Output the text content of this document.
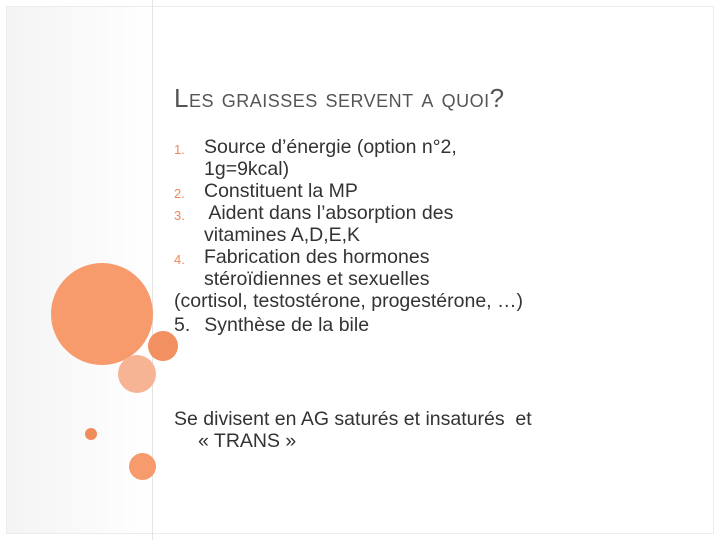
Les graisses servent a quoi?
1. Source d’énergie (option n°2,
1g=9kcal)
2. Constituent la MP
3. Aident dans l’absorption des
vitamines A,D,E,K
4. Fabrication des hormones
stéroïdiennes et sexuelles
(cortisol, testostérone, progestérone, …)
5. Synthèse de la bile
Se divisent en AG saturés et insaturés  et
« TRANS »
